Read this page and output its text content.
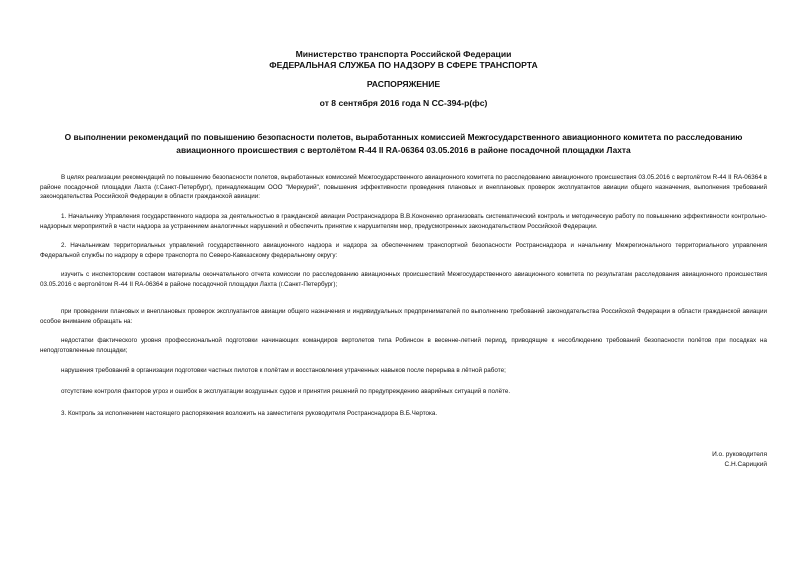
Министерство транспорта Российской Федерации
ФЕДЕРАЛЬНАЯ СЛУЖБА ПО НАДЗОРУ В СФЕРЕ ТРАНСПОРТА
РАСПОРЯЖЕНИЕ
от 8 сентября 2016 года N СС-394-р(фс)
О выполнении рекомендаций по повышению безопасности полетов, выработанных комиссией Межгосударственного авиационного комитета по расследованию авиационного происшествия с вертолётом R-44 II RA-06364 03.05.2016 в районе посадочной площадки Лахта

В целях реализации рекомендаций по повышению безопасности полетов, выработанных комиссией Межгосударственного авиационного комитета по расследованию авиационного происшествия 03.05.2016 с вертолётом R-44 II RA-06364 в районе посадочной площадки Лахта (г.Санкт-Петербург), принадлежащим ООО "Меркурий", повышения эффективности проведения плановых и внеплановых проверок эксплуатантов авиации общего назначения, выполнения требований законодательства Российской Федерации в области гражданской авиации:

1. Начальнику Управления государственного надзора за деятельностью в гражданской авиации Ространснадзора В.В.Кононенко организовать систематический контроль и методическую работу по повышению эффективности контрольно-надзорных мероприятий в части надзора за устранением аналогичных нарушений и обеспечить принятие к нарушителям мер, предусмотренных законодательством Российской Федерации.

2. Начальникам территориальных управлений государственного авиационного надзора и надзора за обеспечением транспортной безопасности Ространснадзора и начальнику Межрегионального территориального управления Федеральной службы по надзору в сфере транспорта по Северо-Кавказскому федеральному округу:

изучить с инспекторским составом материалы окончательного отчета комиссии по расследованию авиационных происшествий Межгосударственного авиационного комитета по результатам расследования авиационного происшествия 03.05.2016 с вертолётом R-44 II RA-06364 в районе посадочной площадки Лахта (г.Санкт-Петербург);

при проведении плановых и внеплановых проверок эксплуатантов авиации общего назначения и индивидуальных предпринимателей по выполнению требований законодательства Российской Федерации в области гражданской авиации особое внимание обращать на:

недостатки фактического уровня профессиональной подготовки начинающих командиров вертолетов типа Робинсон в весенне-летний период, приводящие к несоблюдению требований безопасности полётов при посадках на неподготовленные площадки;

нарушения требований в организации подготовки частных пилотов к полётам и восстановления утраченных навыков после перерыва в лётной работе;

отсутствие контроля факторов угроз и ошибок в эксплуатации воздушных судов и принятия решений по предупреждению аварийных ситуаций в полёте.

3. Контроль за исполнением настоящего распоряжения возложить на заместителя руководителя Ространснадзора В.Б.Чертока.

И.о. руководителя
С.Н.Сарицкий
